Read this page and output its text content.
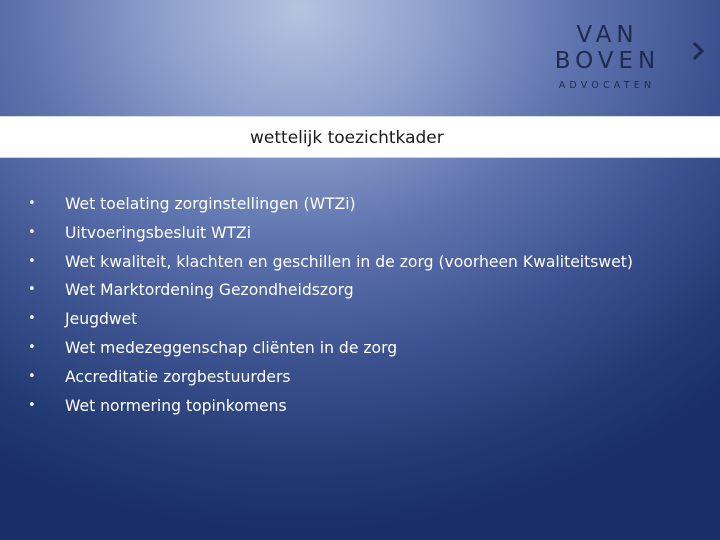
VAN
BOVEN
ADVOCATEN
wettelijk toezichtkader
• Wet toelating zorginstellingen (WTZi)
• Uitvoeringsbesluit WTZi
• Wet kwaliteit, klachten en geschillen in de zorg (voorheen Kwaliteitswet)
• Wet Marktordening Gezondheidszorg
• Jeugdwet
• Wet medezeggenschap cliënten in de zorg
• Accreditatie zorgbestuurders
• Wet normering topinkomens
